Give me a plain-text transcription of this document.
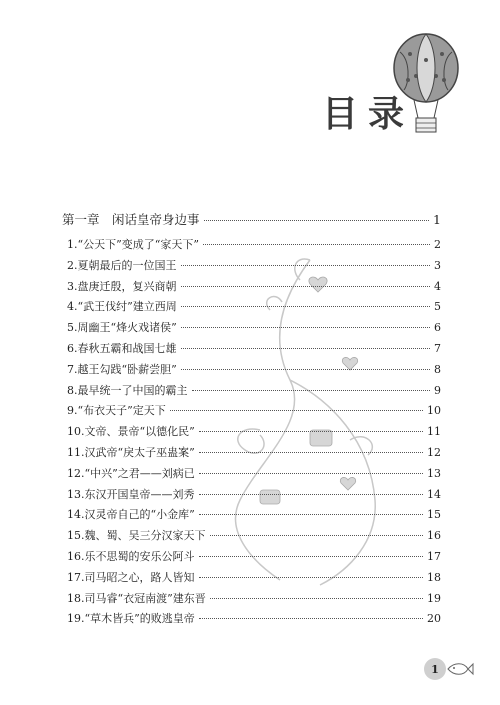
目录
第一章　闲话皇帝身边事	1
1.“公天下”变成了“家天下”	2
2.夏朝最后的一位国王	3
3.盘庚迁殷，复兴商朝	4
4.“武王伐纣”建立西周	5
5.周幽王“烽火戏诸侯”	6
6.春秋五霸和战国七雄	7
7.越王勾践“卧薪尝胆”	8
8.最早统一了中国的霸主	9
9.“布衣天子”定天下	10
10.文帝、景帝“以德化民”	11
11.汉武帝“戾太子巫蛊案”	12
12.“中兴”之君——刘病已	13
13.东汉开国皇帝——刘秀	14
14.汉灵帝自己的“小金库”	15
15.魏、蜀、吴三分汉家天下	16
16.乐不思蜀的安乐公阿斗	17
17.司马昭之心，路人皆知	18
18.司马睿“衣冠南渡”建东晋	19
19.“草木皆兵”的败逃皇帝	20
1
